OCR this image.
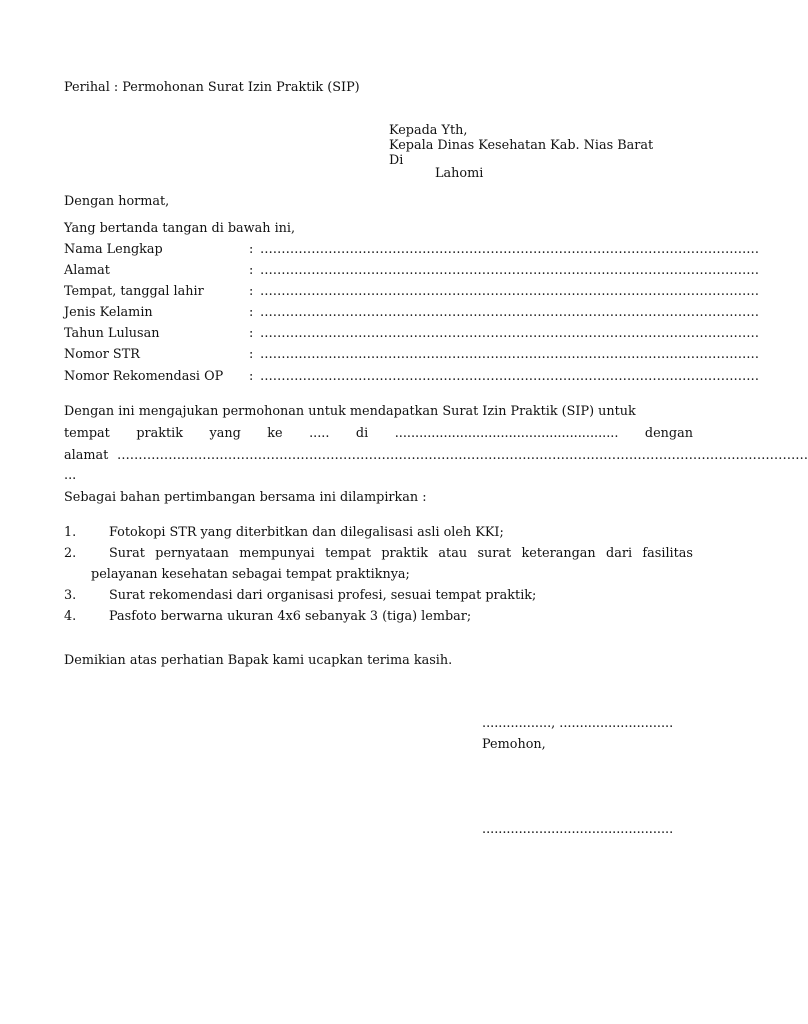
Perihal : Permohonan Surat Izin Praktik (SIP)
Kepada Yth,
Kepala Dinas Kesehatan Kab. Nias Barat
Di
Lahomi
Dengan hormat,
Yang bertanda tangan di bawah ini,
Nama Lengkap	: ………………………………………………………………………………………………………
Alamat	: ………………………………………………………………………………………………………
Tempat, tanggal lahir	: ………………………………………………………………………………………………………
Jenis Kelamin	: ………………………………………………………………………………………………………
Tahun Lulusan	: ………………………………………………………………………………………………………
Nomor STR	: ………………………………………………………………………………………………………
Nomor Rekomendasi OP : ………………………………………………………………………………………………………
Dengan ini mengajukan permohonan untuk mendapatkan Surat Izin Praktik (SIP) untuk
tempat praktik yang ke ..... di ....................................................... dengan
alamat ………………………………………………………………………………………………………………………………………………
...
Sebagai bahan pertimbangan bersama ini dilampirkan :
1.	Fotokopi STR yang diterbitkan dan dilegalisasi asli oleh KKI;
2.	Surat pernyataan mempunyai tempat praktik atau surat keterangan dari fasilitas
pelayanan kesehatan sebagai tempat praktiknya;
3.	Surat rekomendasi dari organisasi profesi, sesuai tempat praktik;
4.	Pasfoto berwarna ukuran 4x6 sebanyak 3 (tiga) lembar;
Demikian atas perhatian Bapak kami ucapkan terima kasih.
................., ............................
Pemohon,
...............................................
